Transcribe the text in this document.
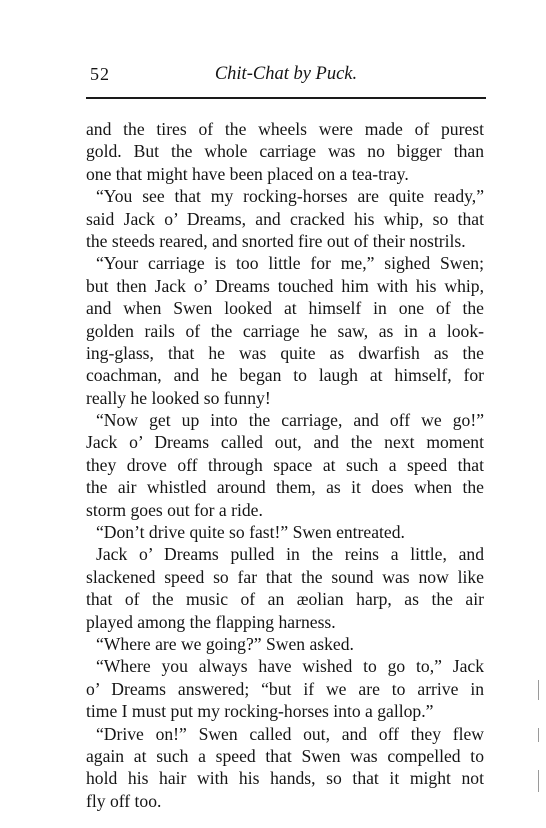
52	Chit-Chat by Puck.
and the tires of the wheels were made of purest
gold. But the whole carriage was no bigger than
one that might have been placed on a tea-tray.
“You see that my rocking-horses are quite ready,”
said Jack o’ Dreams, and cracked his whip, so that
the steeds reared, and snorted fire out of their nostrils.
“Your carriage is too little for me,” sighed Swen;
but then Jack o’ Dreams touched him with his whip,
and when Swen looked at himself in one of the
golden rails of the carriage he saw, as in a look-
ing-glass, that he was quite as dwarfish as the
coachman, and he began to laugh at himself, for
really he looked so funny!
“Now get up into the carriage, and off we go!”
Jack o’ Dreams called out, and the next moment
they drove off through space at such a speed that
the air whistled around them, as it does when the
storm goes out for a ride.
“Don’t drive quite so fast!” Swen entreated.
Jack o’ Dreams pulled in the reins a little, and
slackened speed so far that the sound was now like
that of the music of an æolian harp, as the air
played among the flapping harness.
“Where are we going?” Swen asked.
“Where you always have wished to go to,” Jack
o’ Dreams answered; “but if we are to arrive in
time I must put my rocking-horses into a gallop.”
“Drive on!” Swen called out, and off they flew
again at such a speed that Swen was compelled to
hold his hair with his hands, so that it might not
fly off too.
